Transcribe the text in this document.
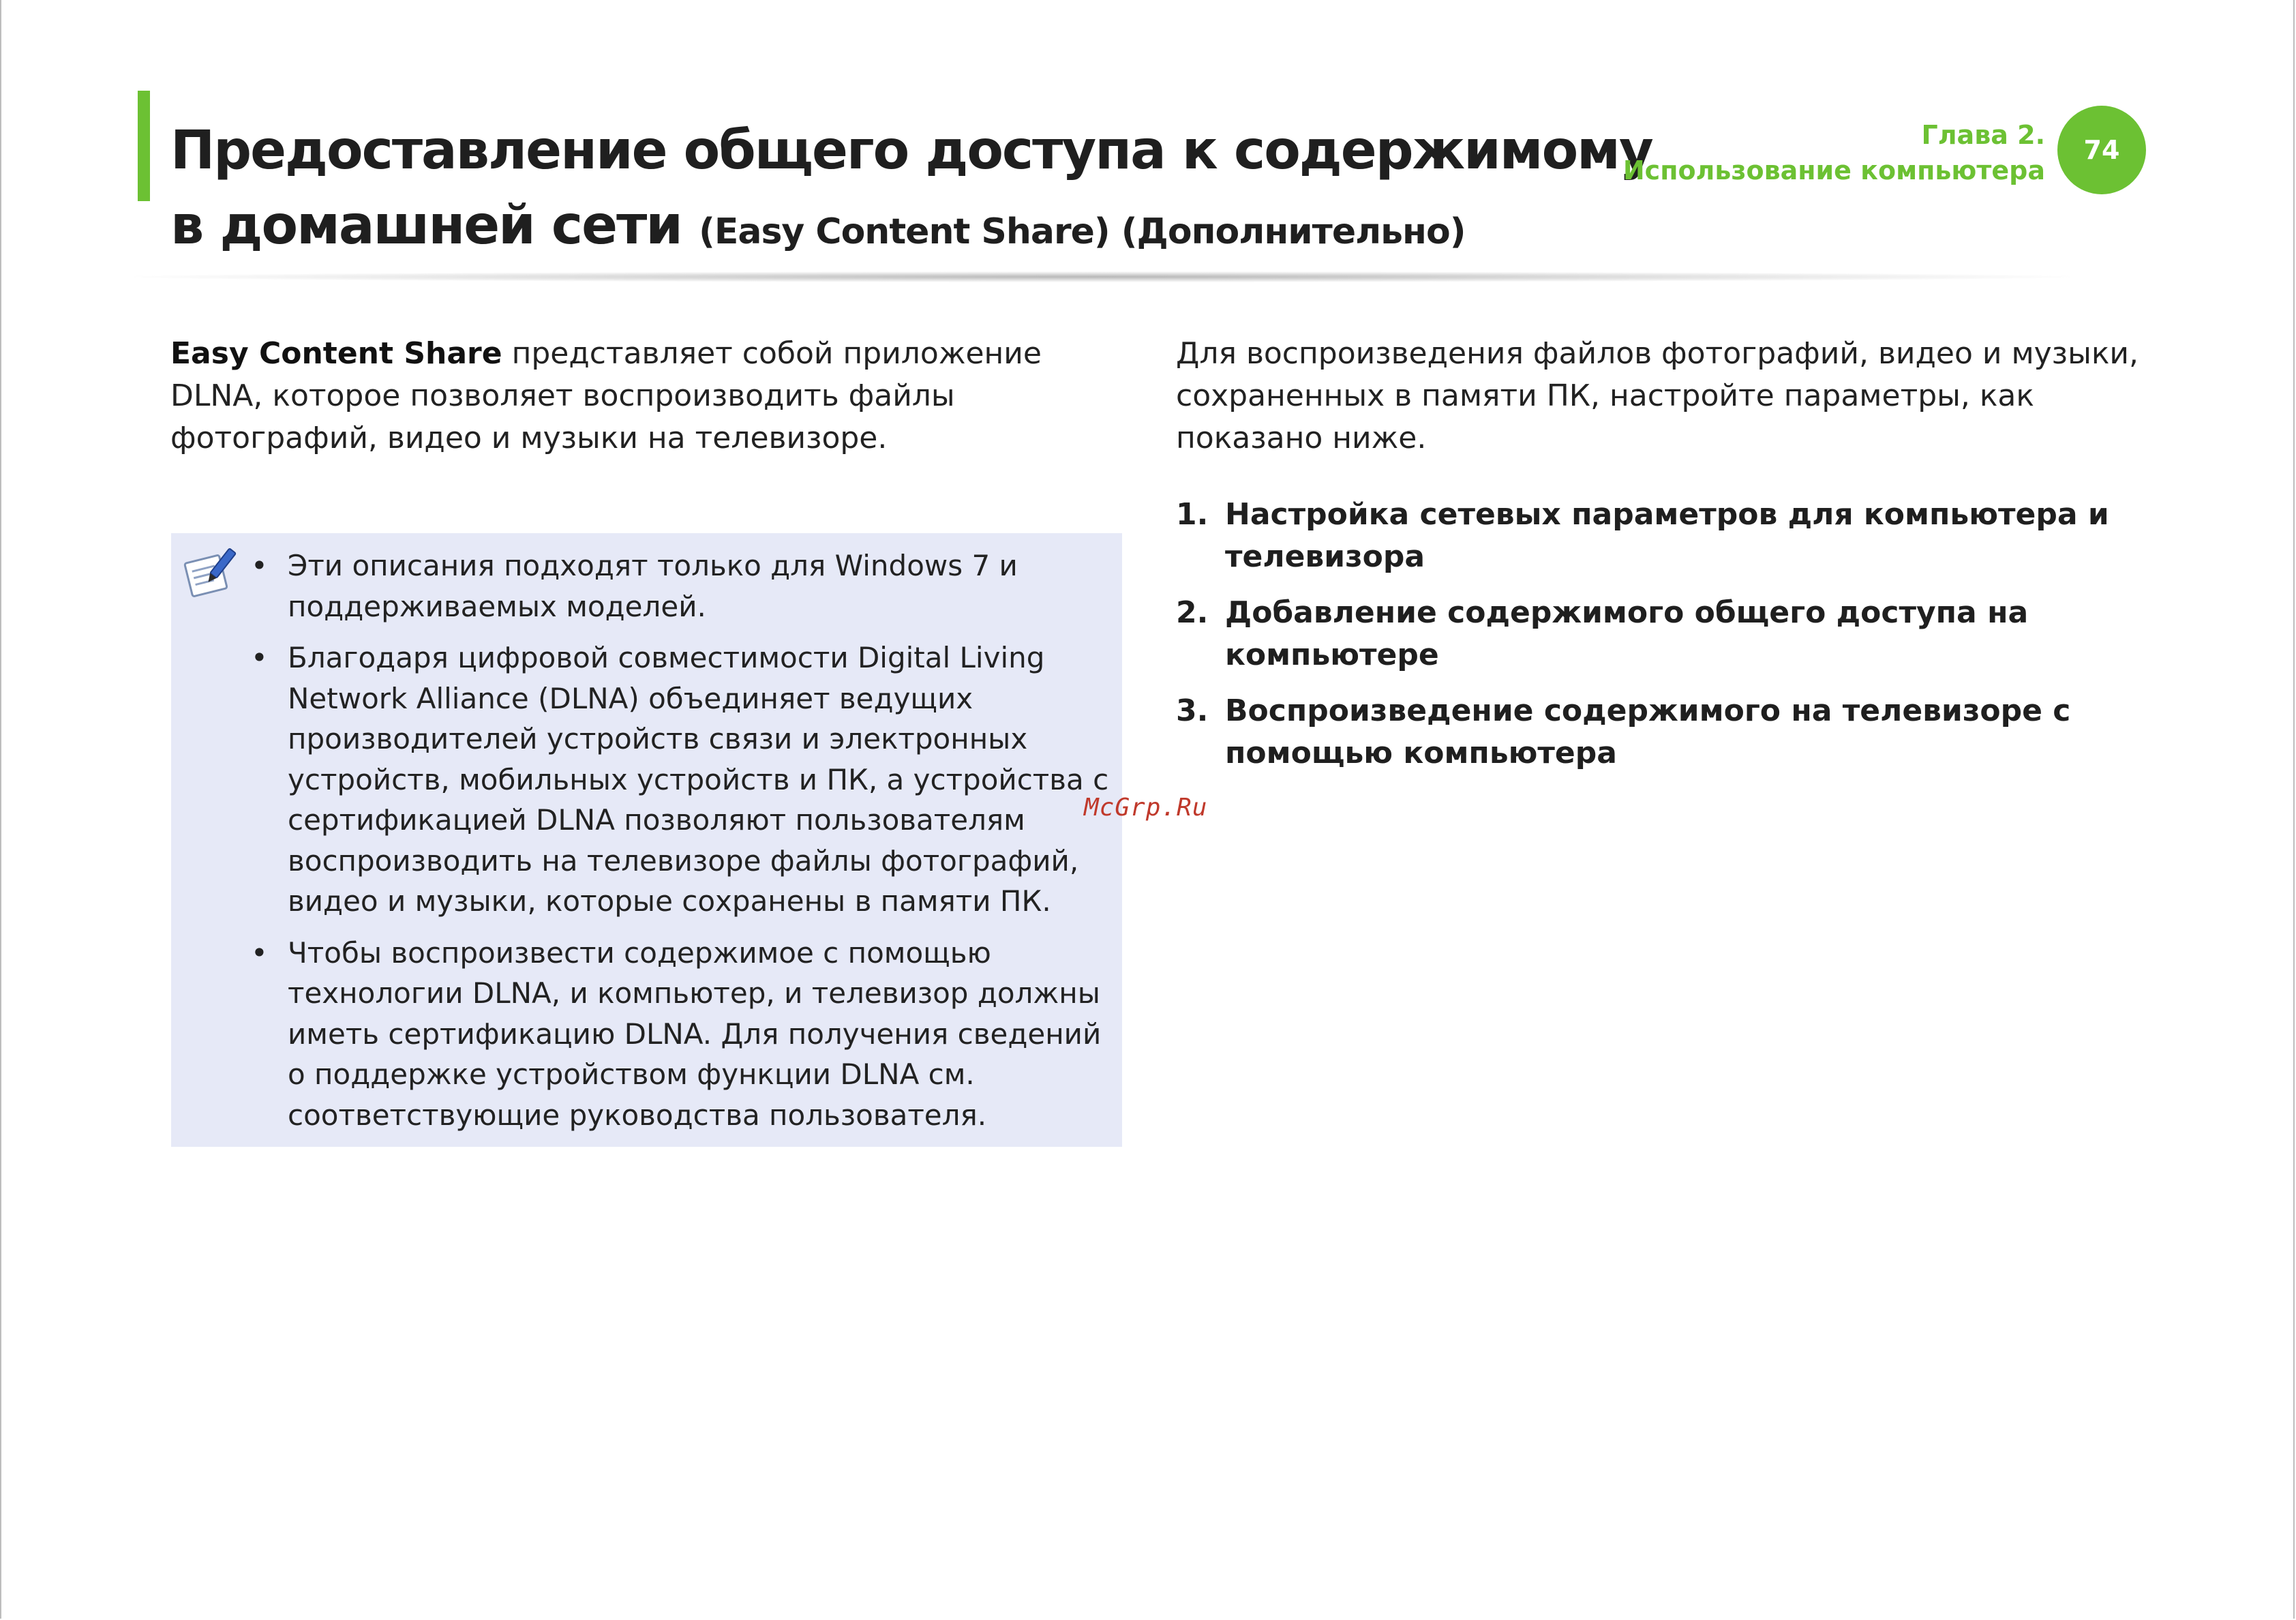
Предоставление общего доступа к содержимому
в домашней сети (Easy Content Share) (Дополнительно)
Глава 2.
Использование компьютера
74

Easy Content Share представляет собой приложение DLNA, которое позволяет воспроизводить файлы фотографий, видео и музыки на телевизоре.

• Эти описания подходят только для Windows 7 и поддерживаемых моделей.
• Благодаря цифровой совместимости Digital Living Network Alliance (DLNA) объединяет ведущих производителей устройств связи и электронных устройств, мобильных устройств и ПК, а устройства с сертификацией DLNA позволяют пользователям воспроизводить на телевизоре файлы фотографий, видео и музыки, которые сохранены в памяти ПК.
• Чтобы воспроизвести содержимое с помощью технологии DLNA, и компьютер, и телевизор должны иметь сертификацию DLNA. Для получения сведений о поддержке устройством функции DLNA см. соответствующие руководства пользователя.

Для воспроизведения файлов фотографий, видео и музыки, сохраненных в памяти ПК, настройте параметры, как показано ниже.

1. Настройка сетевых параметров для компьютера и телевизора
2. Добавление содержимого общего доступа на компьютере
3. Воспроизведение содержимого на телевизоре с помощью компьютера
McGrp.Ru
